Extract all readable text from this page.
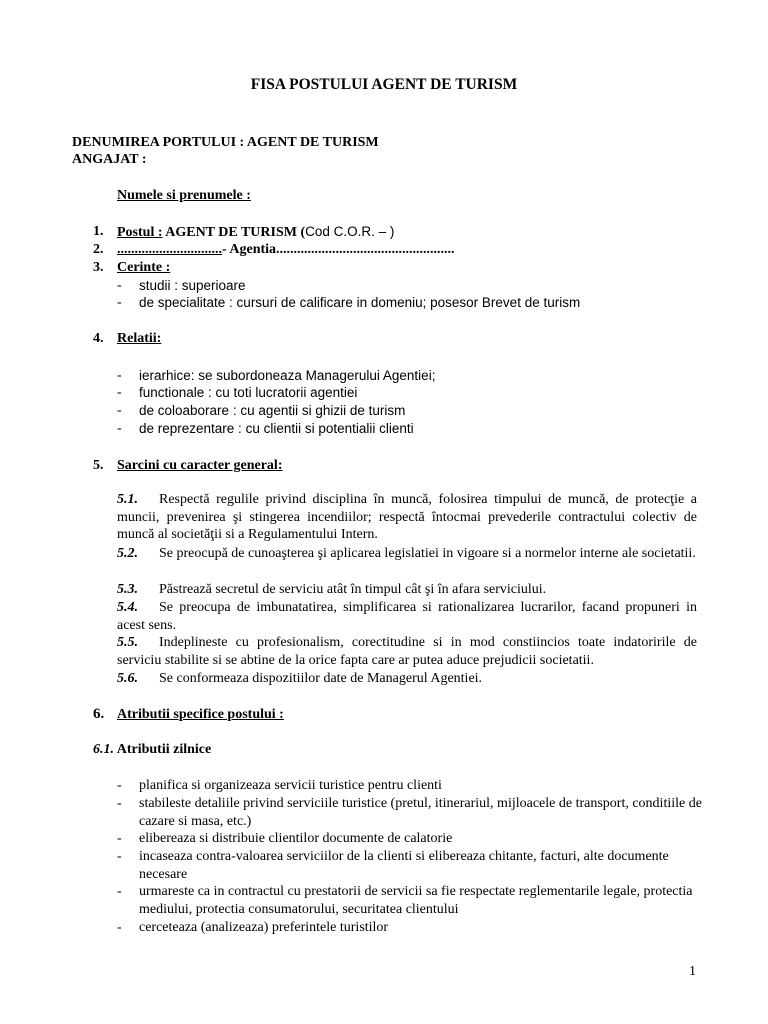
FISA POSTULUI AGENT DE TURISM
DENUMIREA PORTULUI : AGENT DE TURISM
ANGAJAT :
Numele si prenumele :
1. Postul : AGENT DE TURISM (Cod C.O.R. – )
2. ..............................- Agentia...................................................
3. Cerinte :
-	studii : superioare
-	de specialitate : cursuri de calificare in domeniu; posesor Brevet de turism
4. Relatii:
-	ierarhice: se subordoneaza Managerului Agentiei;
-	functionale : cu toti lucratorii agentiei
-	de coloaborare : cu agentii si ghizii de turism
-	de reprezentare : cu clientii si potentialii clienti
5. Sarcini cu caracter general:
5.1. Respectă regulile privind disciplina în muncă, folosirea timpului de muncă, de protecţie a muncii, prevenirea şi stingerea incendiilor; respectă întocmai prevederile contractului colectiv de muncă al societăţii si a Regulamentului Intern.
5.2. Se preocupă de cunoaşterea şi aplicarea legislatiei in vigoare si a normelor interne ale societatii.
5.3. Păstrează secretul de serviciu atât în timpul cât şi în afara serviciului.
5.4. Se preocupa de imbunatatirea, simplificarea si rationalizarea lucrarilor, facand propuneri in acest sens.
5.5. Indeplineste cu profesionalism, corectitudine si in mod constiincios toate indatoririle de serviciu stabilite si se abtine de la orice fapta care ar putea aduce prejudicii societatii.
5.6. Se conformeaza dispozitiilor date de Managerul Agentiei.
6. Atributii specifice postului :
6.1. Atributii zilnice
-	planifica si organizeaza servicii turistice pentru clienti
-	stabileste detaliile privind serviciile turistice (pretul, itinerariul, mijloacele de transport, conditiile de cazare si masa, etc.)
-	elibereaza si distribuie clientilor documente de calatorie
-	incaseaza contra-valoarea serviciilor de la clienti si elibereaza chitante, facturi, alte documente necesare
-	urmareste ca in contractul cu prestatorii de servicii sa fie respectate reglementarile legale, protectia mediului, protectia consumatorului, securitatea clientului
-	cerceteaza (analizeaza) preferintele turistilor
1
